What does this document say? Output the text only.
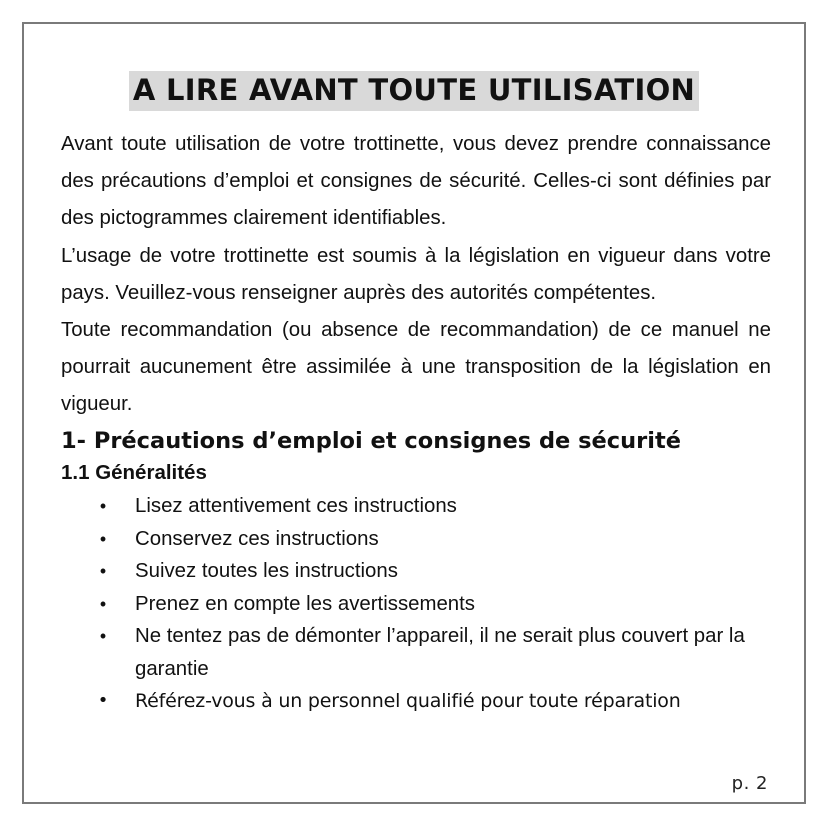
A LIRE AVANT TOUTE UTILISATION

Avant toute utilisation de votre trottinette, vous devez prendre connaissance des précautions d’emploi et consignes de sécurité. Celles-ci sont définies par des pictogrammes clairement identifiables.

L’usage de votre trottinette est soumis à la législation en vigueur dans votre pays. Veuillez-vous renseigner auprès des autorités compétentes.

Toute recommandation (ou absence de recommandation) de ce manuel ne pourrait aucunement être assimilée à une transposition de la législation en vigueur.

1- Précautions d’emploi et consignes de sécurité
1.1 Généralités
• Lisez attentivement ces instructions
• Conservez ces instructions
• Suivez toutes les instructions
• Prenez en compte les avertissements
• Ne tentez pas de démonter l’appareil, il ne serait plus couvert par la garantie
• Référez-vous à un personnel qualifié pour toute réparation
p. 2
